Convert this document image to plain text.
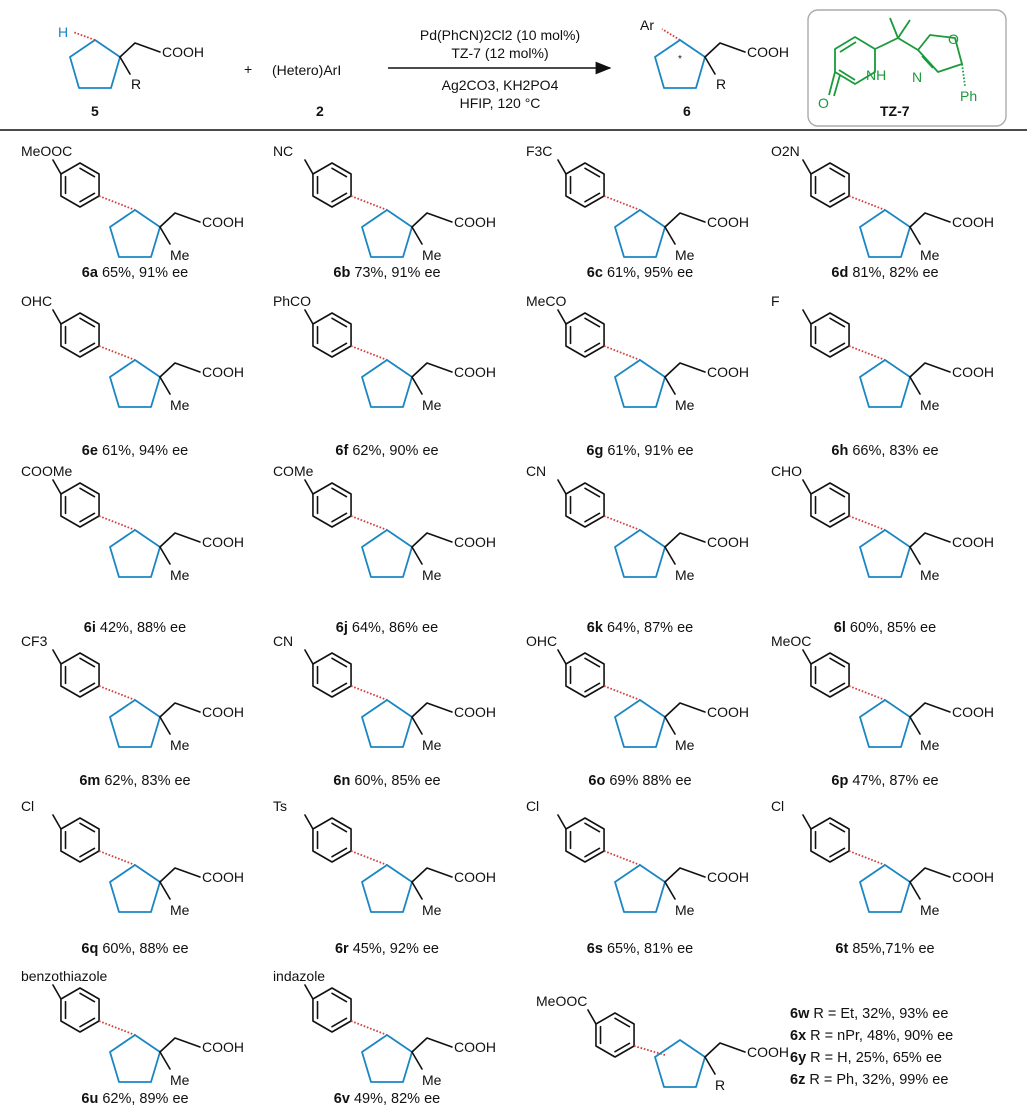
H
COOH
R
5
+ (Hetero)ArI
2
Pd(PhCN)2Cl2 (10 mol%)
TZ-7 (12 mol%)
Ag2CO3, KH2PO4
HFIP, 120 °C
Ar
*	COOH
R
6	O
NH
O
N
Ph
TZ-7
COOH
Me
MeOOC
6a 65%, 91% ee
COOH
Me
NC
6b 73%, 91% ee
COOH
Me
F3C
6c 61%, 95% ee
COOH
Me
O2N
6d 81%, 82% ee
COOH
Me
OHC
6e 61%, 94% ee
COOH
Me
PhCO
6f 62%, 90% ee
COOH
Me
MeCO
6g 61%, 91% ee
COOH
Me
F
6h 66%, 83% ee
COOH
Me
COOMe
6i 42%, 88% ee
COOH
Me
COMe
6j 64%, 86% ee
COOH
Me
CN
6k 64%, 87% ee
COOH
Me
CHO
6l 60%, 85% ee
COOH
Me
CF3
6m 62%, 83% ee
COOH
Me
CN
6n 60%, 85% ee
COOH
Me
OHC
6o 69% 88% ee
COOH
Me
MeOC
6p 47%, 87% ee
COOH
Me
Cl
6q 60%, 88% ee
COOH
Me
Ts
6r 45%, 92% ee
COOH
Me
Cl
6s 65%, 81% ee
COOH
Me
Cl
6t 85%,71% ee
COOH
Me
benzothiazole
6u 62%, 89% ee
COOH
Me
indazole
6v 49%, 82% ee
COOH
R
MeOOC
6w R = Et, 32%, 93% ee
6x R = nPr, 48%, 90% ee
6y R = H, 25%, 65% ee
6z R = Ph, 32%, 99% ee
